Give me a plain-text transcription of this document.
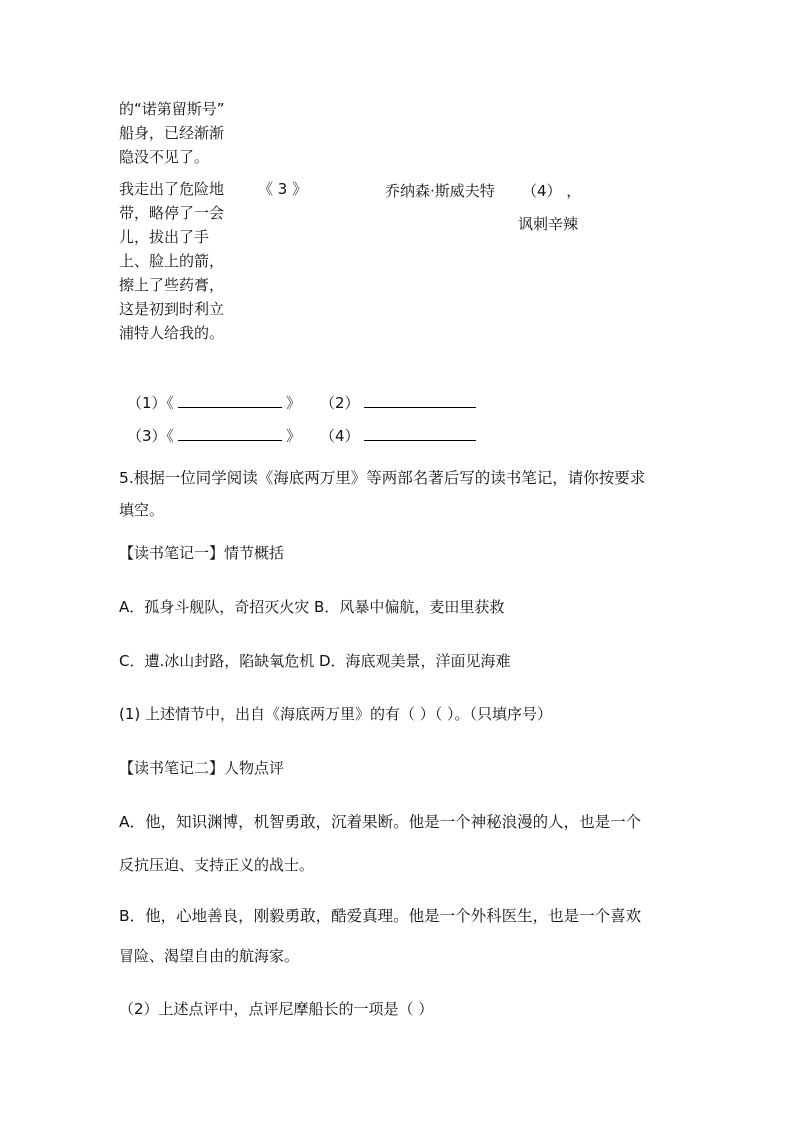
的“诺第留斯号”
船身，已经渐渐
隐没不见了。
我走出了危险地
带，略停了一会
儿，拔出了手
上、脸上的箭，
擦上了些药膏，
这是初到时利立
浦特人给我的。
《 3 》	乔纳森·斯威夫特 （4） ，
讽刺辛辣
（1）《	》 （2）
（3）《	》 （4）
5.根据一位同学阅读《海底两万里》等两部名著后写的读书笔记，请你按要求
填空。
【读书笔记一】情节概括
A．孤身斗舰队，奇招灭火灾 B．风暴中偏航，麦田里获救
C．遭.冰山封路，陷缺氧危机 D．海底观美景，洋面见海难
(1) 上述情节中，出自《海底两万里》的有（ ）（ ）。（只填序号）
【读书笔记二】人物点评
A．他，知识渊博，机智勇敢，沉着果断。他是一个神秘浪漫的人，也是一个
反抗压迫、支持正义的战士。
B．他，心地善良，刚毅勇敢，酷爱真理。他是一个外科医生，也是一个喜欢
冒险、渴望自由的航海家。
（2）上述点评中，点评尼摩船长的一项是（ ）
